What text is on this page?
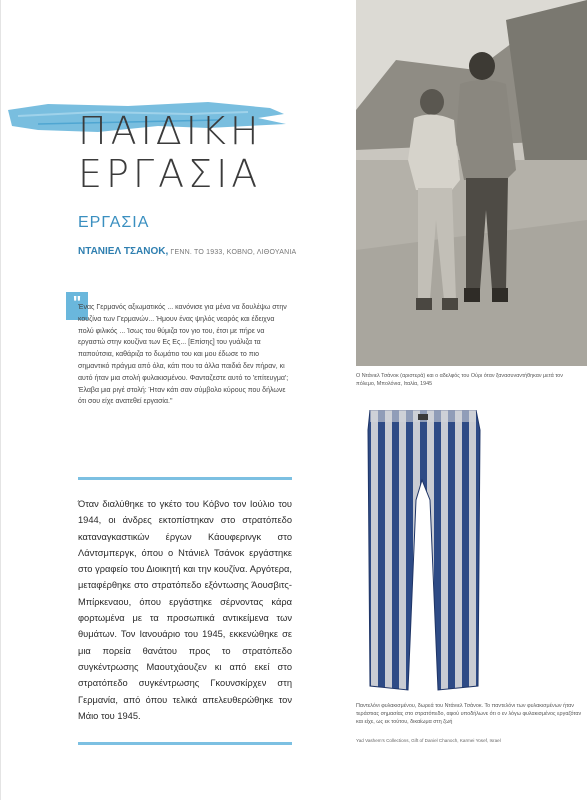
ΠΑΙΔΙΚΗ
ΕΡΓΑΣΙΑ
ΕΡΓΑΣΙΑ
ΝΤΑΝΙΕΛ ΤΣΑΝΟΚ, ΓΕΝΝ. ΤΟ 1933, ΚΟΒΝΟ, ΛΙΘΟΥΑΝΙΑ
"
Ένας Γερμανός αξιωματικός ... κανόνισε για μένα να δουλέψω στην κουζίνα των Γερμανών... Ήμουν ένας ψηλός νεαρός και έδειχνα πολύ φιλικός ... Ίσως του θύμιζα τον γιο του, έτσι με πήρε να εργαστώ στην κουζίνα των Ες Ες... [Επίσης] του γυάλιζα τα παπούτσια, καθάριζα το δωμάτιο του και μου έδωσε το πιο σημαντικό πράγμα από όλα, κάτι που τα άλλα παιδιά δεν πήραν, κι αυτό ήταν μια στολή φυλακισμένου. Φανταζεστε αυτό το 'επίτευγμα'; Έλαβα μια ριγέ στολή: Ήταν κάτι σαν σύμβολο κύρους που δήλωνε ότι σου είχε ανατεθεί εργασία."
Όταν διαλύθηκε το γκέτο του Κόβνο τον Ιούλιο του 1944, οι άνδρες εκτοπίστηκαν στο στρατόπεδο καταναγκαστικών έργων Κάουφερινγκ στο Λάντσμπεργκ, όπου ο Ντάνιελ Τσάνοκ εργάστηκε στο γραφείο του Διοικητή και την κουζίνα. Αργότερα, μεταφέρθηκε στο στρατόπεδο εξόντωσης Άουσβιτς-Μπίρκεναου, όπου εργάστηκε σέρνοντας κάρα φορτωμένα με τα προσωπικά αντικείμενα των θυμάτων. Τον Ιανουάριο του 1945, εκκενώθηκε σε μια πορεία θανάτου προς το στρατόπεδο συγκέντρωσης Μαουτχάουζεν κι από εκεί στο στρατόπεδο συγκέντρωσης Γκουνσκίρχεν στη Γερμανία, από όπου τελικά απελευθερώθηκε τον Μάιο του 1945.
Ο Ντάνιελ Τσάνοκ (αριστερά) και ο αδελφός του Ούρι όταν ξανασυναντήθηκαν μετά τον πόλεμο, Μπολόνια, Ιταλία, 1945
Παντελόνι φυλακισμένου, δωρεά του Ντάνιελ Τσάνοκ. Το παντελόνι των φυλακισμένων ήταν τεράστιας σημασίας στο στρατόπεδο, αφού υποδήλωνε ότι ο εν λόγω φυλακισμένος εργαζόταν και είχε, ως εκ τούτου, δικαίωμα στη ζωή
Yad Vashem's Collections, Gift of Daniel Chanoch, Karmei Yosef, Israel
